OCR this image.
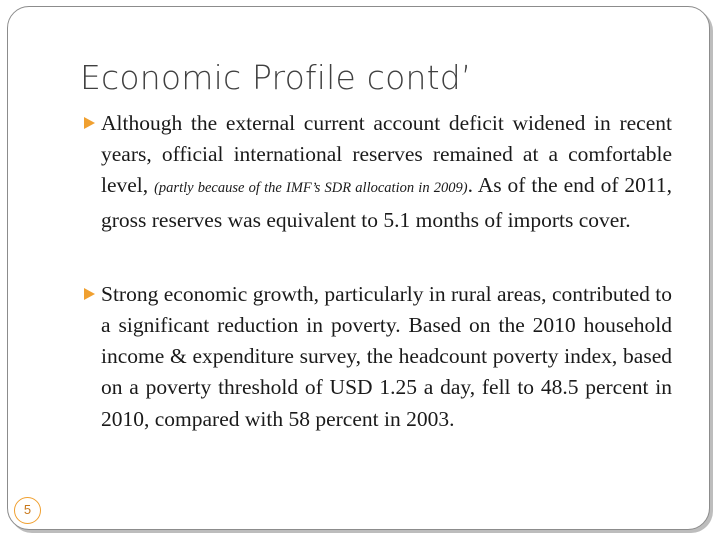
Economic Profile contd’
Although the external current account deficit widened in recent years, official international reserves remained at a comfortable level, (partly because of the IMF’s SDR allocation in 2009). As of the end of 2011, gross reserves was equivalent to 5.1 months of imports cover.
Strong economic growth, particularly in rural areas, contributed to a significant reduction in poverty. Based on the 2010 household income & expenditure survey, the headcount poverty index, based on a poverty threshold of USD 1.25 a day, fell to 48.5 percent in 2010, compared with 58 percent in 2003.
5
